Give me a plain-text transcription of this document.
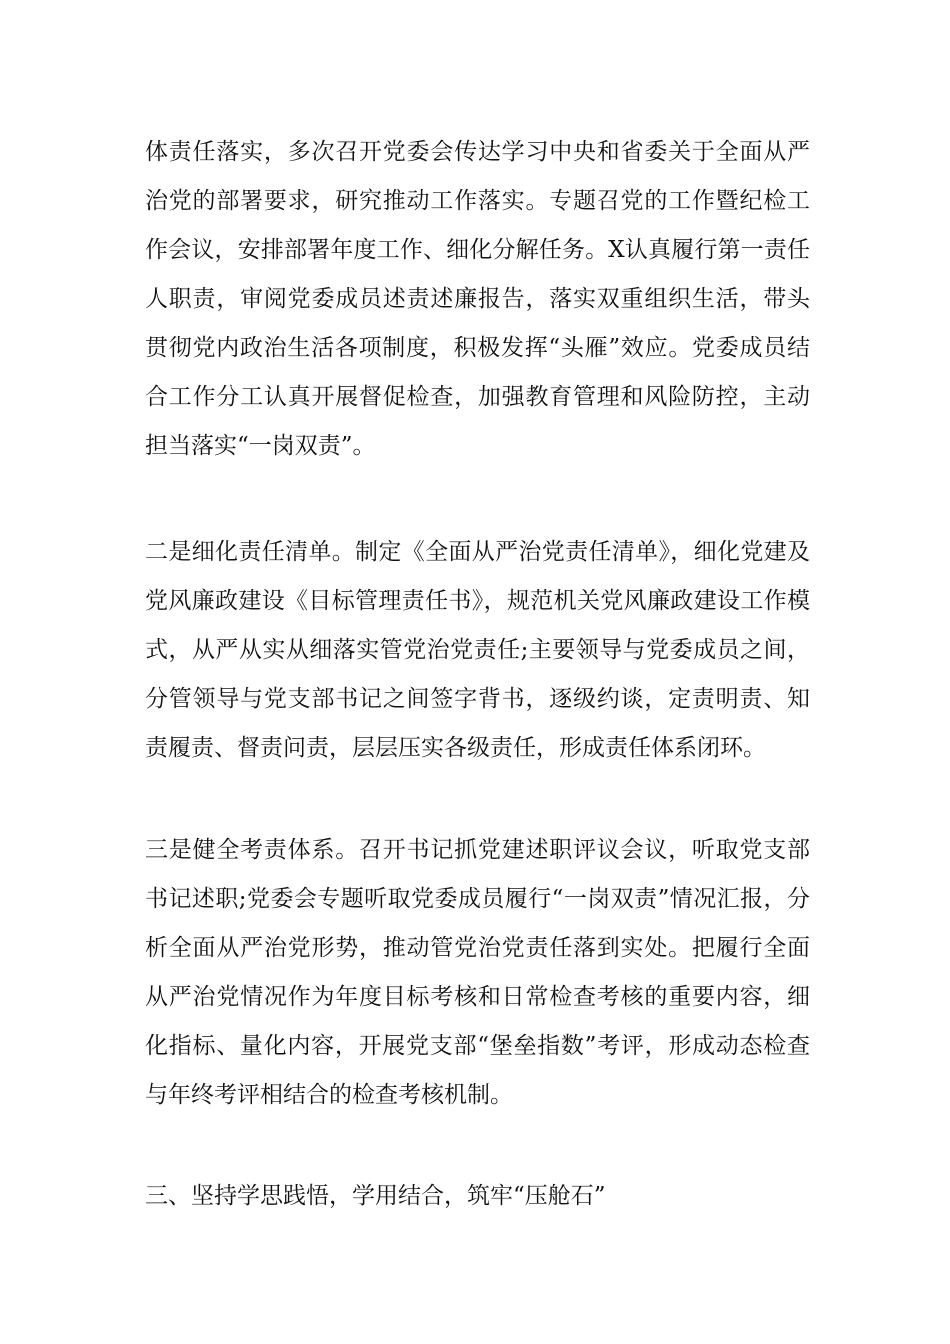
体责任落实，多次召开党委会传达学习中央和省委关于全面从严治党的部署要求，研究推动工作落实。专题召党的工作暨纪检工作会议，安排部署年度工作、细化分解任务。X认真履行第一责任人职责，审阅党委成员述责述廉报告，落实双重组织生活，带头贯彻党内政治生活各项制度，积极发挥“头雁”效应。党委成员结合工作分工认真开展督促检查，加强教育管理和风险防控，主动担当落实“一岗双责”。

二是细化责任清单。制定《全面从严治党责任清单》，细化党建及党风廉政建设《目标管理责任书》，规范机关党风廉政建设工作模式，从严从实从细落实管党治党责任;主要领导与党委成员之间，分管领导与党支部书记之间签字背书，逐级约谈，定责明责、知责履责、督责问责，层层压实各级责任，形成责任体系闭环。

三是健全考责体系。召开书记抓党建述职评议会议，听取党支部书记述职;党委会专题听取党委成员履行“一岗双责”情况汇报，分析全面从严治党形势，推动管党治党责任落到实处。把履行全面从严治党情况作为年度目标考核和日常检查考核的重要内容，细化指标、量化内容，开展党支部“堡垒指数”考评，形成动态检查与年终考评相结合的检查考核机制。

三、坚持学思践悟，学用结合，筑牢“压舱石”
